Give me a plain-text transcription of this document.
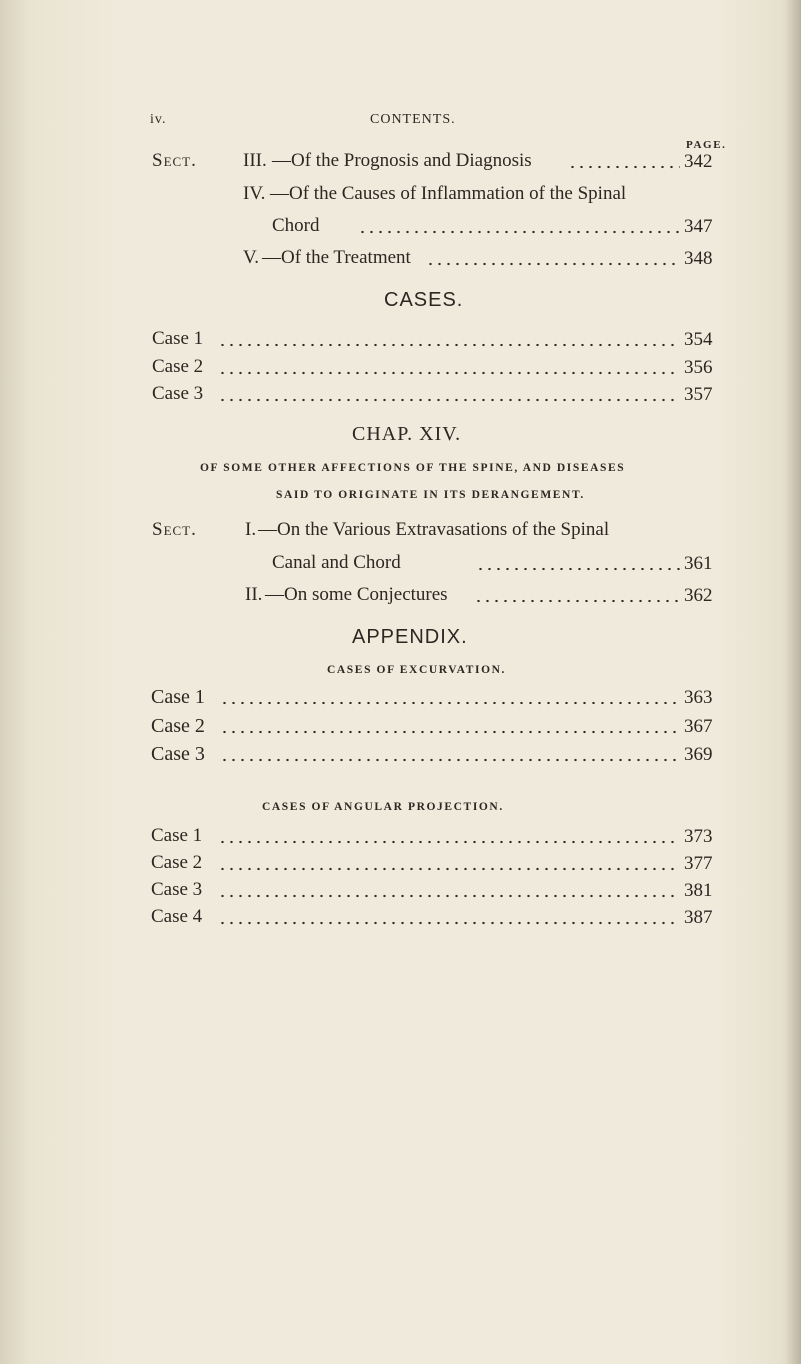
iv.	CONTENTS.
PAGE.
Sect. III. —Of the Prognosis and Diagnosis	342
IV. —Of the Causes of Inflammation of the Spinal
Chord	347
V. —Of the Treatment	348
CASES.
Case 1	354
Case 2	356
Case 3	357
CHAP. XIV.
OF SOME OTHER AFFECTIONS OF THE SPINE, AND DISEASES
SAID TO ORIGINATE IN ITS DERANGEMENT.
Sect.	I. —On the Various Extravasations of the Spinal
Canal and Chord	361
II. —On some Conjectures	362
APPENDIX.
CASES OF EXCURVATION.
Case 1	363
Case 2	367
Case 3	369
CASES OF ANGULAR PROJECTION.
Case 1	373
Case 2	377
Case 3	381
Case 4	387
